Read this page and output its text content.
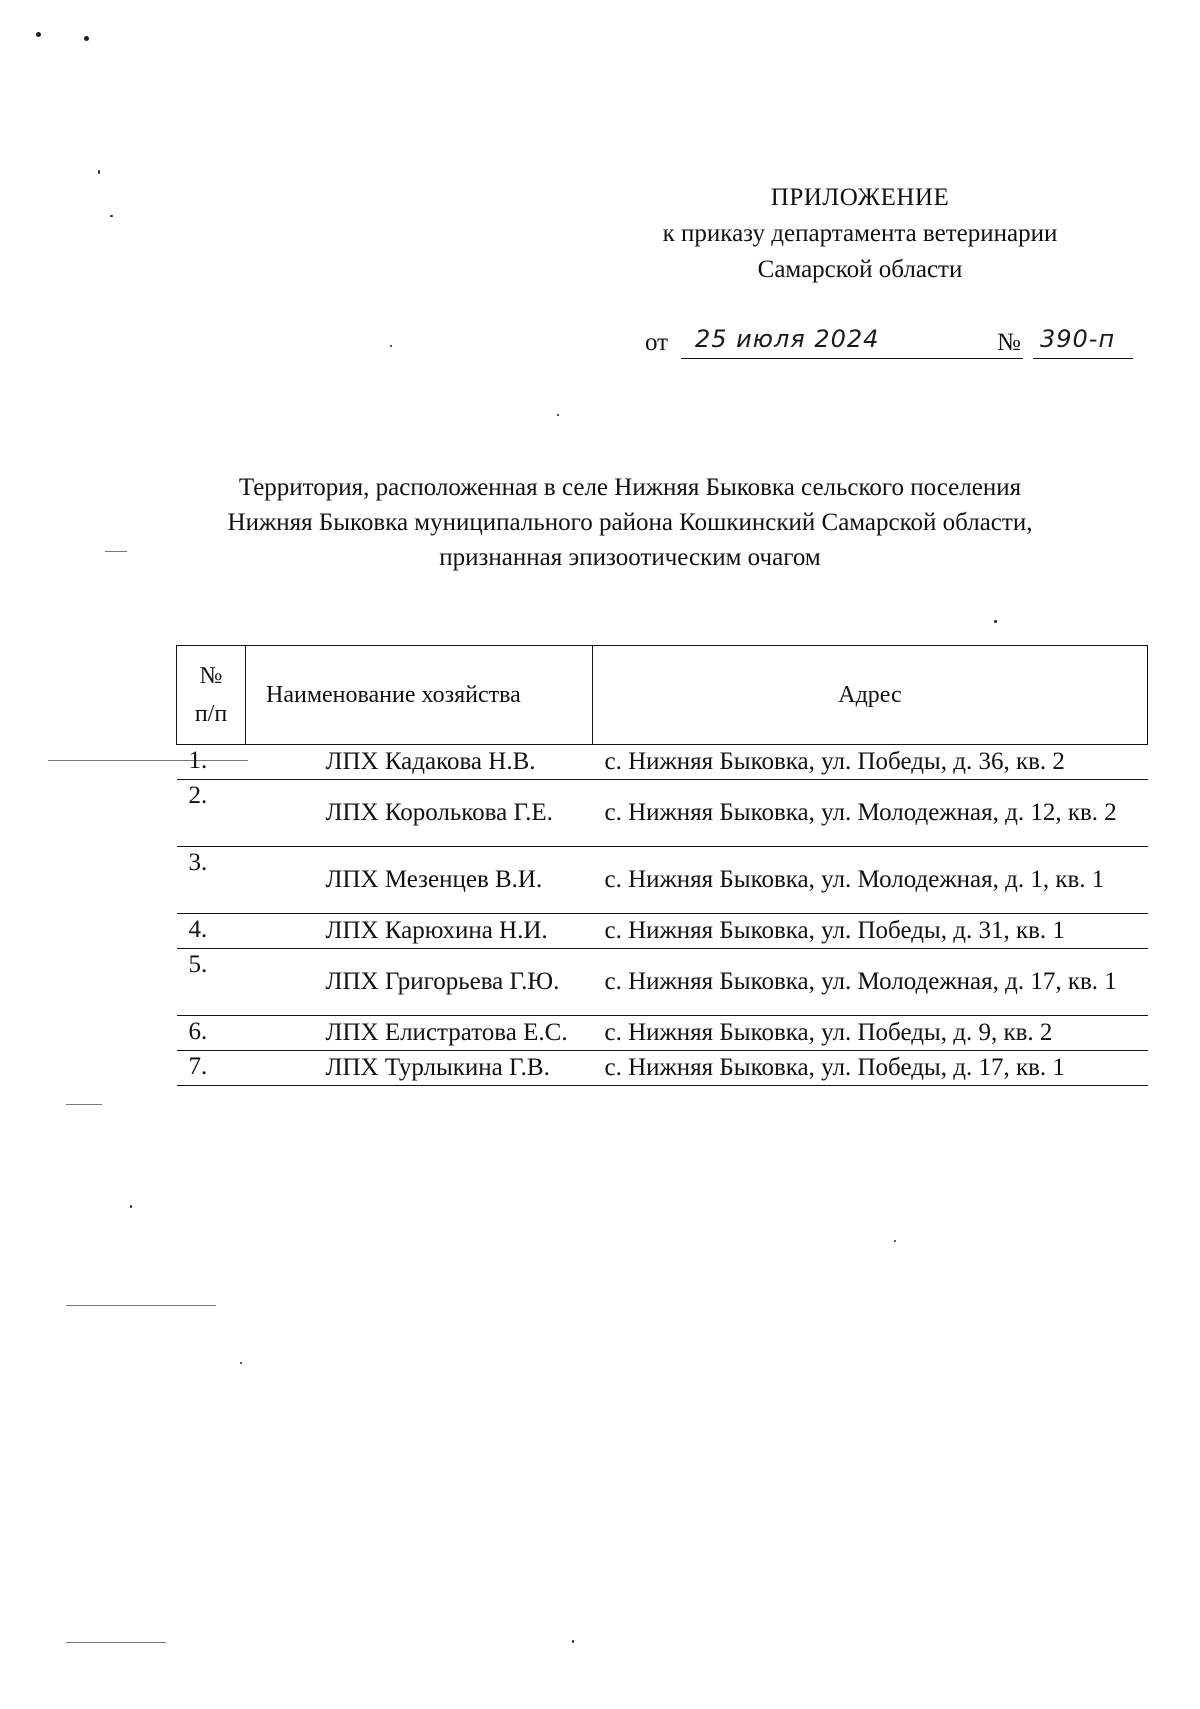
ПРИЛОЖЕНИЕ
к приказу департамента ветеринарии
Самарской области
от 25 июля 2024	№ 390-п
Территория, расположенная в селе Нижняя Быковка сельского поселения
Нижняя Быковка муниципального района Кошкинский Самарской области,
признанная эпизоотическим очагом
№
п/п	Наименование хозяйства	Адрес
1.	ЛПХ Кадакова Н.В.	с. Нижняя Быковка, ул. Победы, д. 36, кв. 2
2.	ЛПХ Королькова Г.Е.	с. Нижняя Быковка, ул. Молодежная, д. 12, кв. 2
3.	ЛПХ Мезенцев В.И.	с. Нижняя Быковка, ул. Молодежная, д. 1, кв. 1
4.	ЛПХ Карюхина Н.И.	с. Нижняя Быковка, ул. Победы, д. 31, кв. 1
5.	ЛПХ Григорьева Г.Ю.	с. Нижняя Быковка, ул. Молодежная, д. 17, кв. 1
6.	ЛПХ Елистратова Е.С.	с. Нижняя Быковка, ул. Победы, д. 9, кв. 2
7.	ЛПХ Турлыкина Г.В.	с. Нижняя Быковка, ул. Победы, д. 17, кв. 1
